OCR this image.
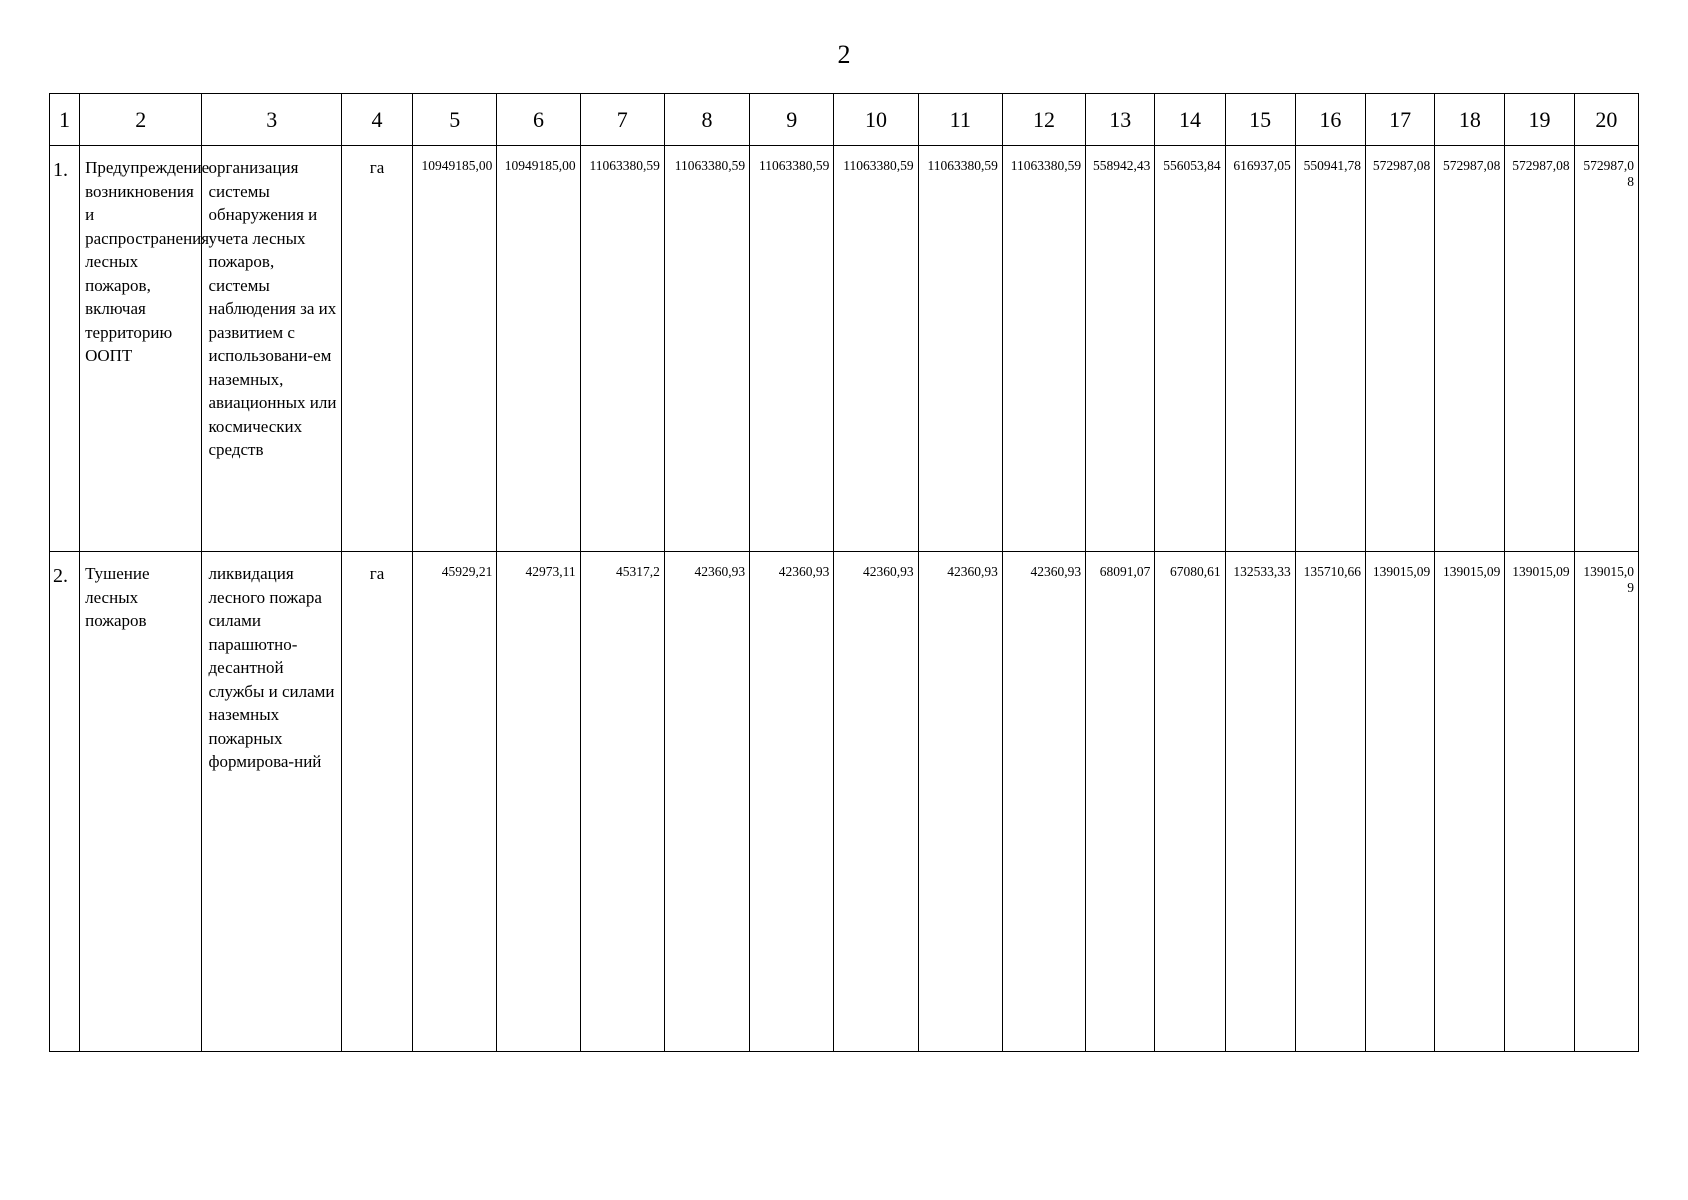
2
1	2	3	4	5	6	7	8	9	10	11	12	13	14	15	16	17	18	19	20
1.	Предупреждение возникновения и распространения лесных пожаров, включая территорию ООПТ	организация системы обнаружения и учета лесных пожаров, системы наблюдения за их развитием с использовани-ем наземных, авиационных или космических средств	га	10949185,00	10949185,00	11063380,59	11063380,59	11063380,59	11063380,59	11063380,59	11063380,59	558942,43	556053,84	616937,05	550941,78	572987,08	572987,08	572987,08	572987,08
2.	Тушение лесных пожаров	ликвидация лесного пожара силами парашютно-десантной службы и силами наземных пожарных формирова-ний	га	45929,21	42973,11	45317,2	42360,93	42360,93	42360,93	42360,93	42360,93	68091,07	67080,61	132533,33	135710,66	139015,09	139015,09	139015,09	139015,09
